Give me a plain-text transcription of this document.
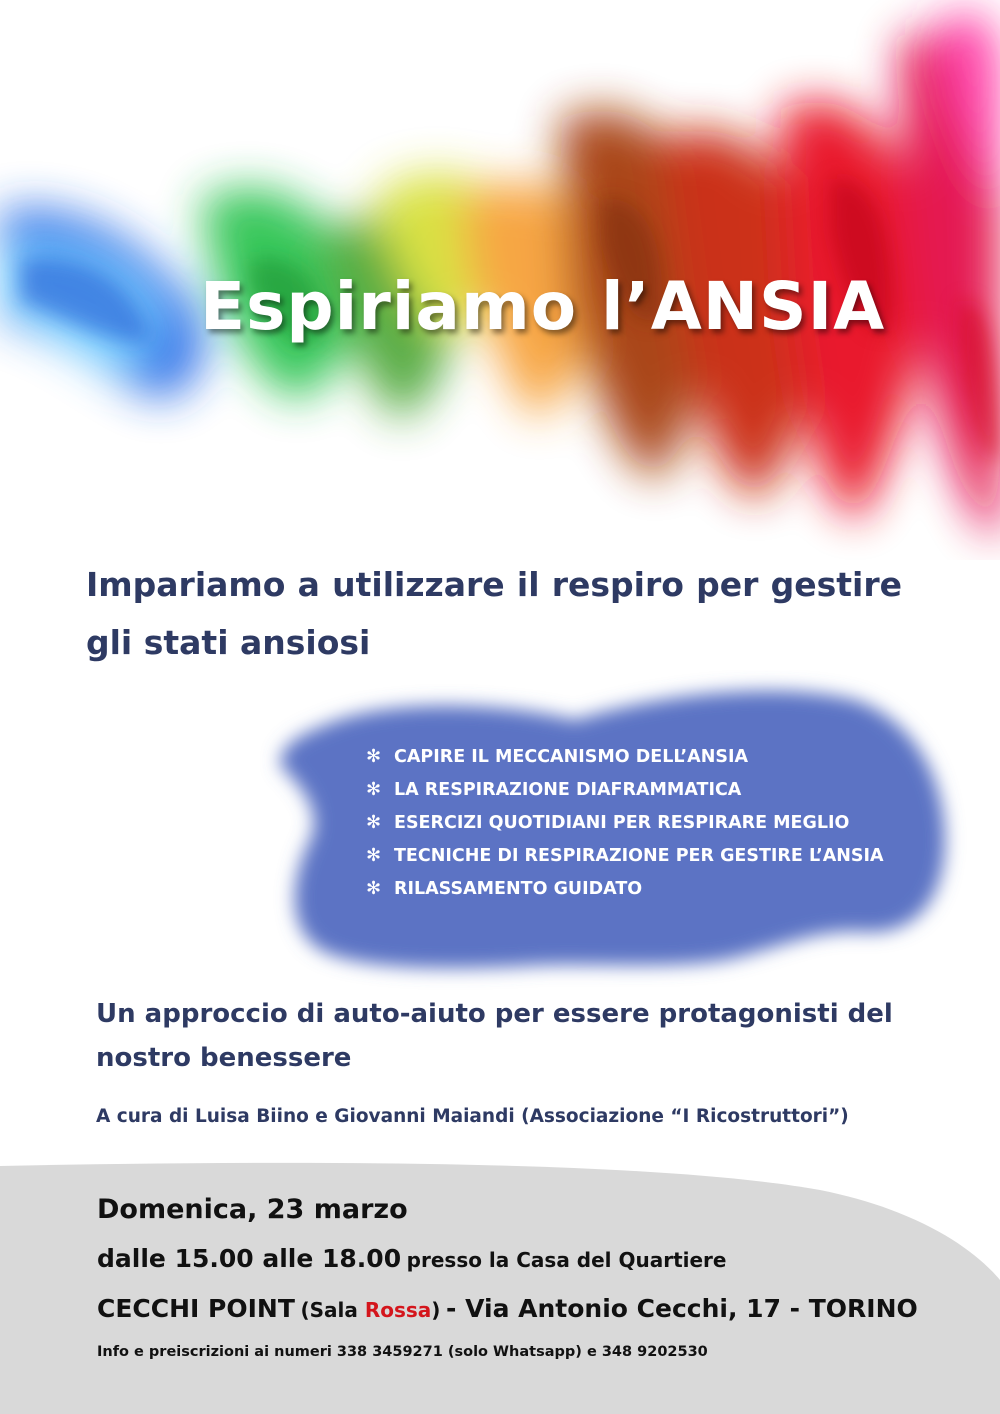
Espiriamo l’ANSIA
Impariamo a utilizzare il respiro per gestire gli stati ansiosi
✻ CAPIRE IL MECCANISMO DELL’ANSIA
✻ LA RESPIRAZIONE DIAFRAMMATICA
✻ ESERCIZI QUOTIDIANI PER RESPIRARE MEGLIO
✻ TECNICHE DI RESPIRAZIONE PER GESTIRE L’ANSIA
✻ RILASSAMENTO GUIDATO
Un approccio di auto-aiuto per essere protagonisti del nostro benessere
A cura di Luisa Biino e Giovanni Maiandi (Associazione “I Ricostruttori”)
Domenica, 23 marzo
dalle 15.00 alle 18.00 presso la Casa del Quartiere
CECCHI POINT (Sala Rossa) - Via Antonio Cecchi, 17 - TORINO
Info e preiscrizioni ai numeri 338 3459271 (solo Whatsapp) e 348 9202530
